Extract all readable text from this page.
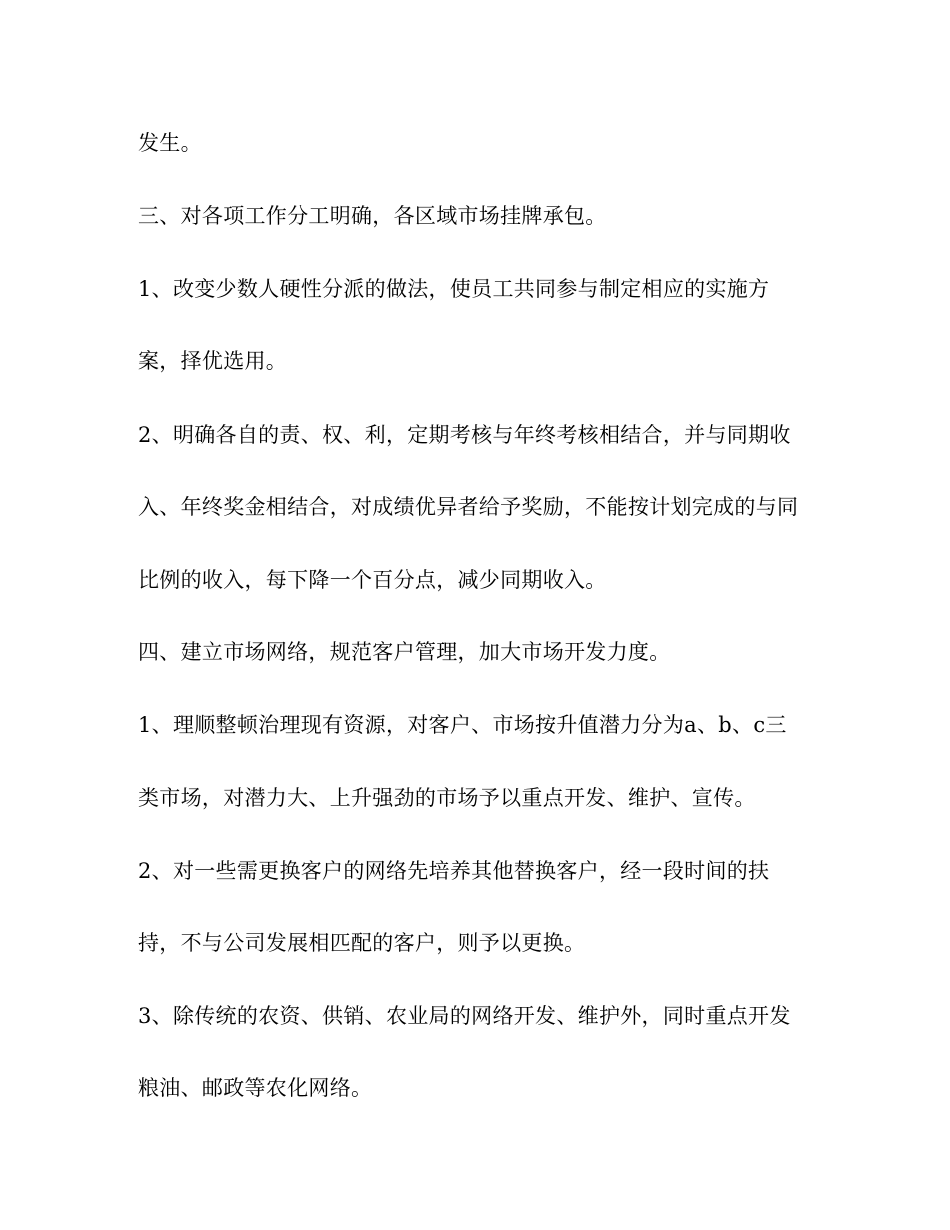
发生。
三、对各项工作分工明确，各区域市场挂牌承包。
1、改变少数人硬性分派的做法，使员工共同参与制定相应的实施方
案，择优选用。
2、明确各自的责、权、利，定期考核与年终考核相结合，并与同期收
入、年终奖金相结合，对成绩优异者给予奖励，不能按计划完成的与同
比例的收入，每下降一个百分点，减少同期收入。
四、建立市场网络，规范客户管理，加大市场开发力度。
1、理顺整顿治理现有资源，对客户、市场按升值潜力分为a、b、c三
类市场，对潜力大、上升强劲的市场予以重点开发、维护、宣传。
2、对一些需更换客户的网络先培养其他替换客户，经一段时间的扶
持，不与公司发展相匹配的客户，则予以更换。
3、除传统的农资、供销、农业局的网络开发、维护外，同时重点开发
粮油、邮政等农化网络。
